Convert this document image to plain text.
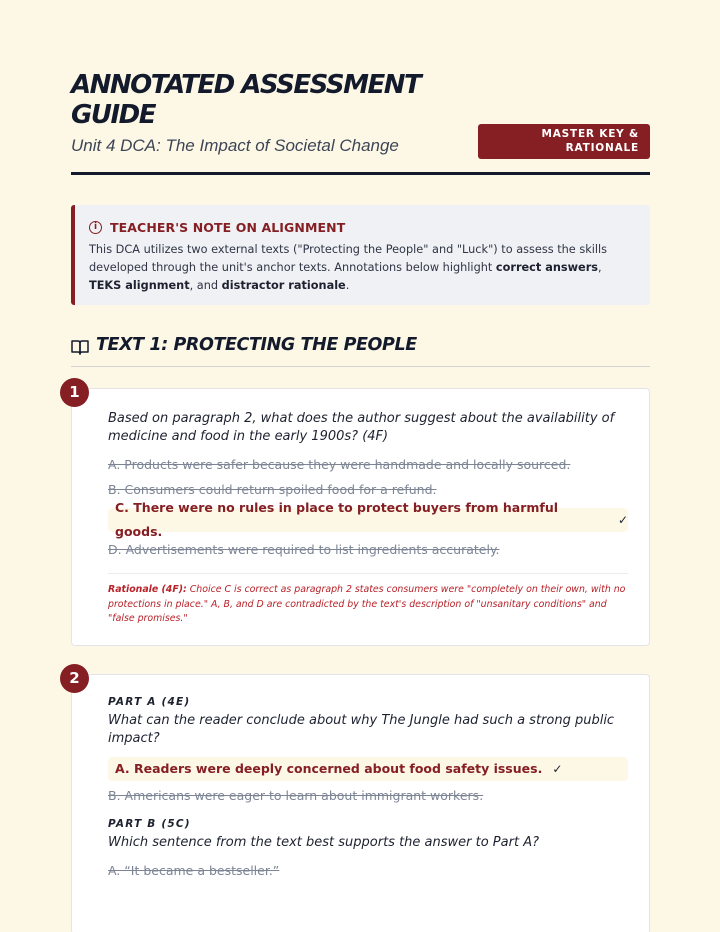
ANNOTATED ASSESSMENT GUIDE
Unit 4 DCA: The Impact of Societal Change
MASTER KEY & RATIONALE
i	TEACHER'S NOTE ON ALIGNMENT
This DCA utilizes two external texts ("Protecting the People" and "Luck") to assess the skills developed through the unit's anchor texts. Annotations below highlight correct answers, TEKS alignment, and distractor rationale.
TEXT 1: PROTECTING THE PEOPLE
1
Based on paragraph 2, what does the author suggest about the availability of medicine and food in the early 1900s? (4F)
A. Products were safer because they were handmade and locally sourced.
B. Consumers could return spoiled food for a refund.
C. There were no rules in place to protect buyers from harmful goods.
✓
D. Advertisements were required to list ingredients accurately.
Rationale (4F): Choice C is correct as paragraph 2 states consumers were "completely on their own, with no protections in place." A, B, and D are contradicted by the text's description of "unsanitary conditions" and "false promises."
2
PART A (4E)
What can the reader conclude about why The Jungle had such a strong public impact?
A. Readers were deeply concerned about food safety issues. ✓
B. Americans were eager to learn about immigrant workers.
PART B (5C)
Which sentence from the text best supports the answer to Part A?
A. “It became a bestseller.”
